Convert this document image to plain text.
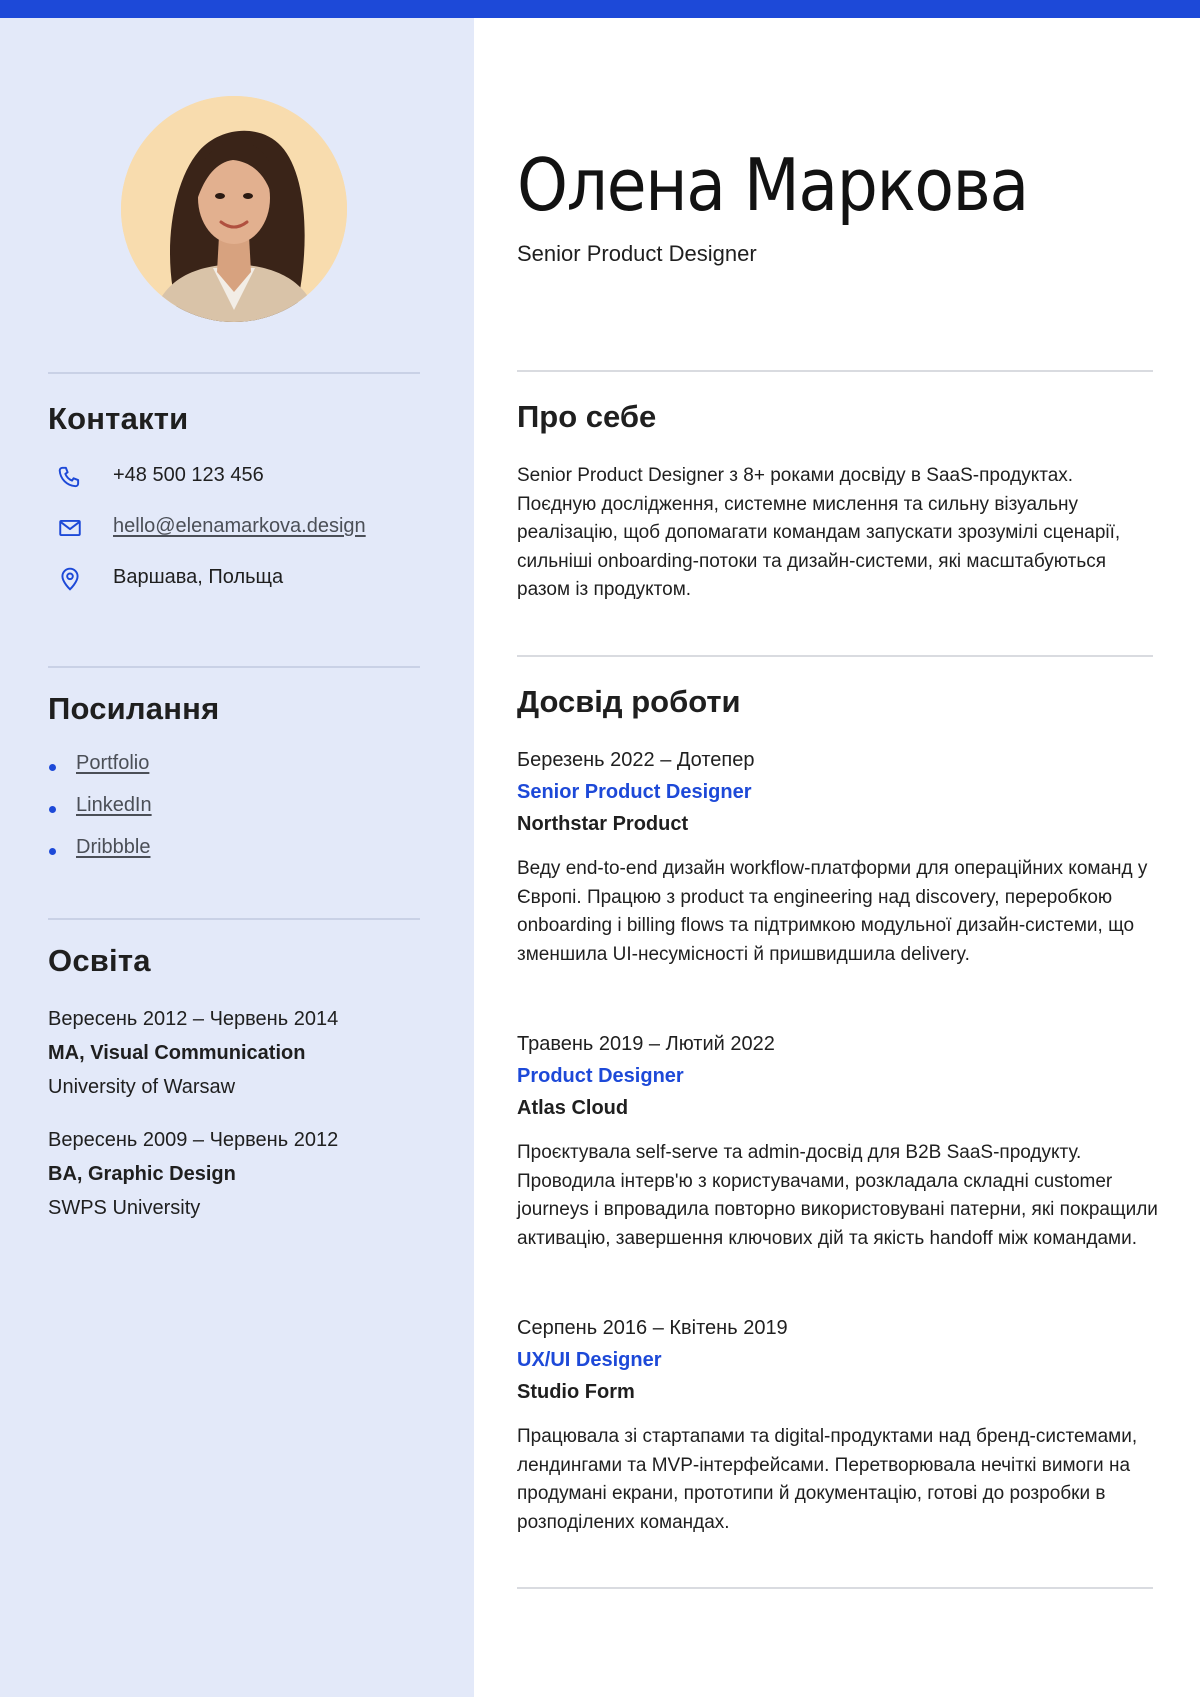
Контакти
+48 500 123 456
hello@elenamarkova.design
Варшава, Польща
Посилання
Portfolio
LinkedIn
Dribbble
Освіта
Вересень 2012 – Червень 2014
MA, Visual Communication
University of Warsaw
Вересень 2009 – Червень 2012
BA, Graphic Design
SWPS University
Олена Маркова
Senior Product Designer
Про себе

Senior Product Designer з 8+ роками досвіду в SaaS-продуктах. Поєдную дослідження, системне мислення та сильну візуальну реалізацію, щоб допомагати командам запускати зрозумілі сценарії, сильніші onboarding-потоки та дизайн-системи, які масштабуються разом із продуктом.

Досвід роботи
Березень 2022 – Дотепер
Senior Product Designer
Northstar Product

Веду end-to-end дизайн workflow-платформи для операційних команд у Європі. Працюю з product та engineering над discovery, переробкою onboarding і billing flows та підтримкою модульної дизайн-системи, що зменшила UI-несумісності й пришвидшила delivery.

Травень 2019 – Лютий 2022
Product Designer
Atlas Cloud

Проєктувала self-serve та admin-досвід для B2B SaaS-продукту. Проводила інтерв'ю з користувачами, розкладала складні customer journeys і впровадила повторно використовувані патерни, які покращили активацію, завершення ключових дій та якість handoff між командами.

Серпень 2016 – Квітень 2019
UX/UI Designer
Studio Form

Працювала зі стартапами та digital-продуктами над бренд-системами, лендингами та MVP-інтерфейсами. Перетворювала нечіткі вимоги на продумані екрани, прототипи й документацію, готові до розробки в розподілених командах.
